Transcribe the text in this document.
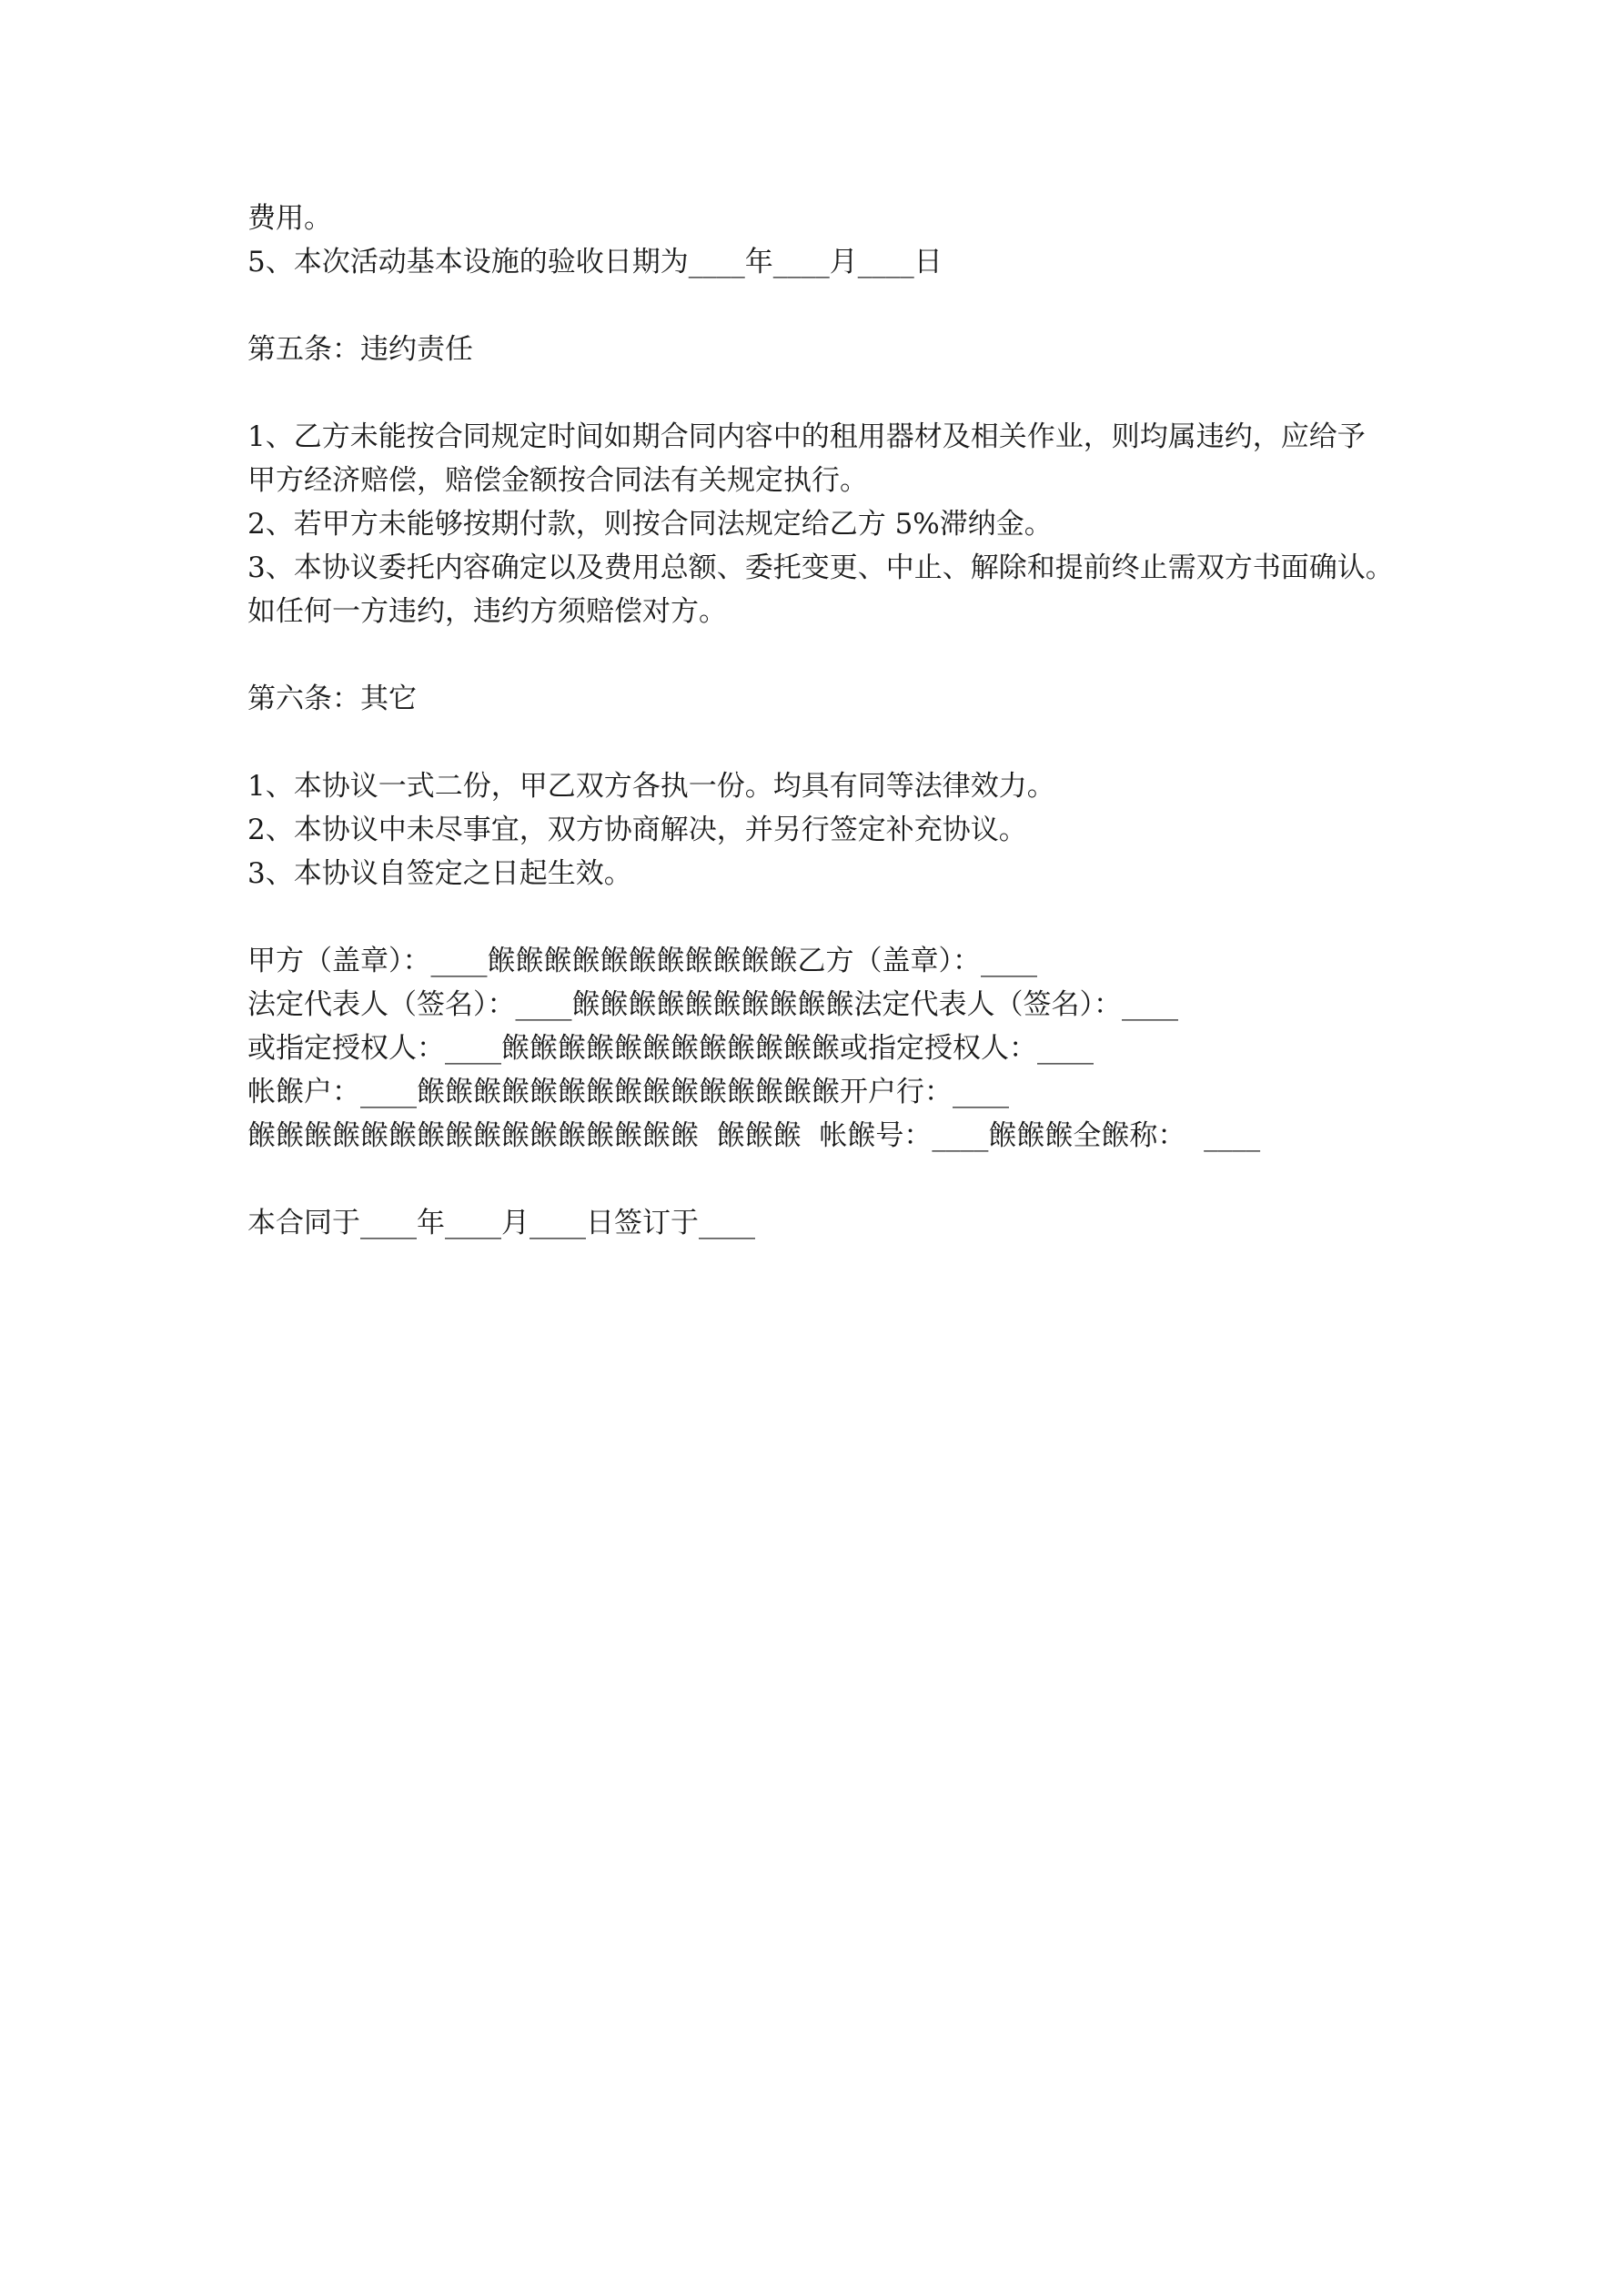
费用。
5、本次活动基本设施的验收日期为____年____月____日
第五条：违约责任
1、乙方未能按合同规定时间如期合同内容中的租用器材及相关作业，则均属违约，应给予
甲方经济赔偿，赔偿金额按合同法有关规定执行。
2、若甲方未能够按期付款，则按合同法规定给乙方 5%滞纳金。
3、本协议委托内容确定以及费用总额、委托变更、中止、解除和提前终止需双方书面确认。
如任何一方违约，违约方须赔偿对方。
第六条：其它
1、本协议一式二份，甲乙双方各执一份。均具有同等法律效力。
2、本协议中未尽事宜，双方协商解决，并另行签定补充协议。
3、本协议自签定之日起生效。
甲方（盖章）：____餱餱餱餱餱餱餱餱餱餱餱乙方（盖章）：____
法定代表人（签名）：____餱餱餱餱餱餱餱餱餱餱法定代表人（签名）：____
或指定授权人：____餱餱餱餱餱餱餱餱餱餱餱餱或指定授权人：____
帐餱户：____餱餱餱餱餱餱餱餱餱餱餱餱餱餱餱开户行：____
餱餱餱餱餱餱餱餱餱餱餱餱餱餱餱餱  餱餱餱  帐餱号：____餱餱餱全餱称：  ____
本合同于____年____月____日签订于____
